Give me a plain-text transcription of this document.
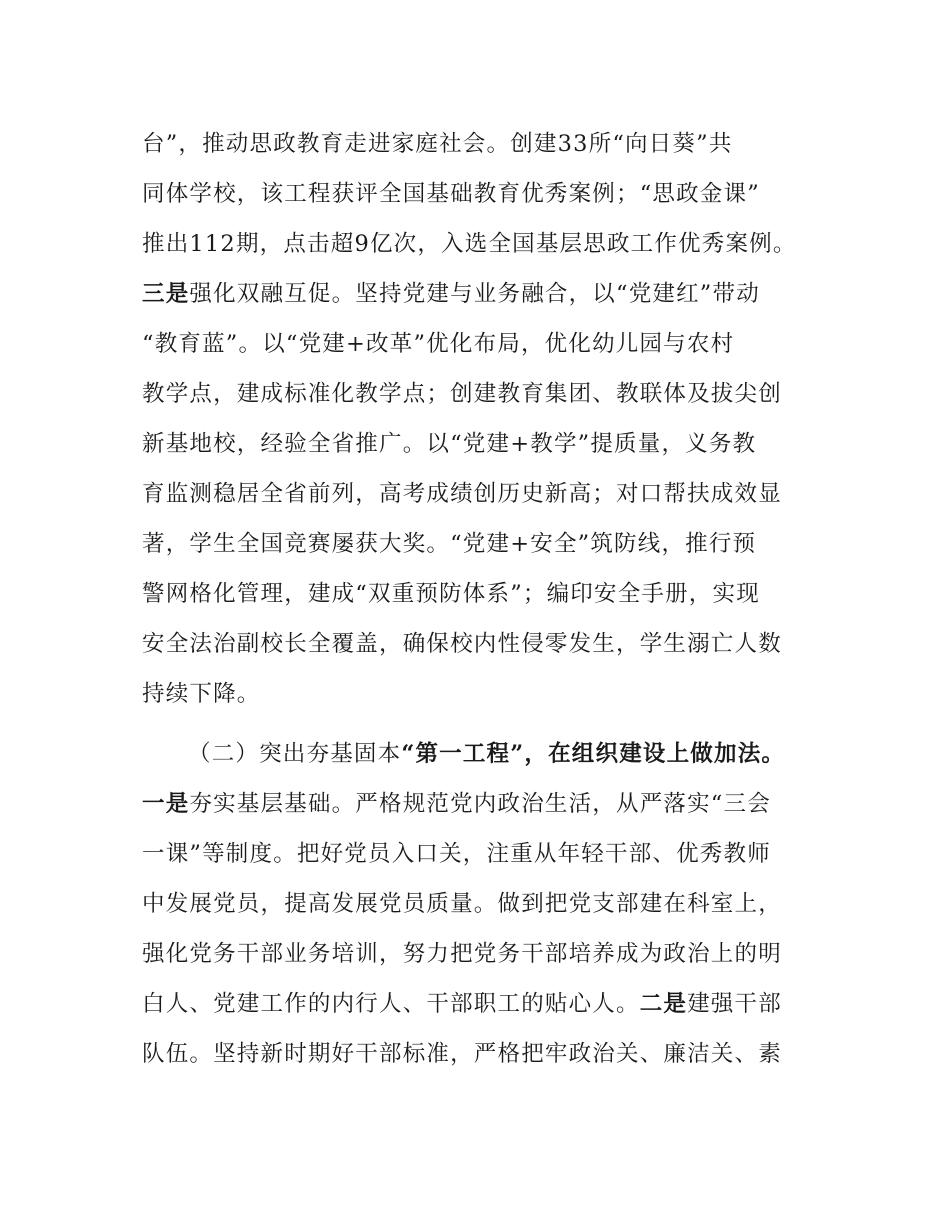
台”，推动思政教育走进家庭社会。创建33所“向日葵”共
同体学校，该工程获评全国基础教育优秀案例；“思政金课”
推出112期，点击超9亿次，入选全国基层思政工作优秀案例。
三是强化双融互促。坚持党建与业务融合，以“党建红”带动
“教育蓝”。以“党建+改革”优化布局，优化幼儿园与农村
教学点，建成标准化教学点；创建教育集团、教联体及拔尖创
新基地校，经验全省推广。以“党建+教学”提质量，义务教
育监测稳居全省前列，高考成绩创历史新高；对口帮扶成效显
著，学生全国竞赛屡获大奖。“党建+安全”筑防线，推行预
警网格化管理，建成“双重预防体系”；编印安全手册，实现
安全法治副校长全覆盖，确保校内性侵零发生，学生溺亡人数
持续下降。
（二）突出夯基固本“第一工程”，在组织建设上做加法。
一是夯实基层基础。严格规范党内政治生活，从严落实“三会
一课”等制度。把好党员入口关，注重从年轻干部、优秀教师
中发展党员，提高发展党员质量。做到把党支部建在科室上，
强化党务干部业务培训，努力把党务干部培养成为政治上的明
白人、党建工作的内行人、干部职工的贴心人。二是建强干部
队伍。坚持新时期好干部标准，严格把牢政治关、廉洁关、素
